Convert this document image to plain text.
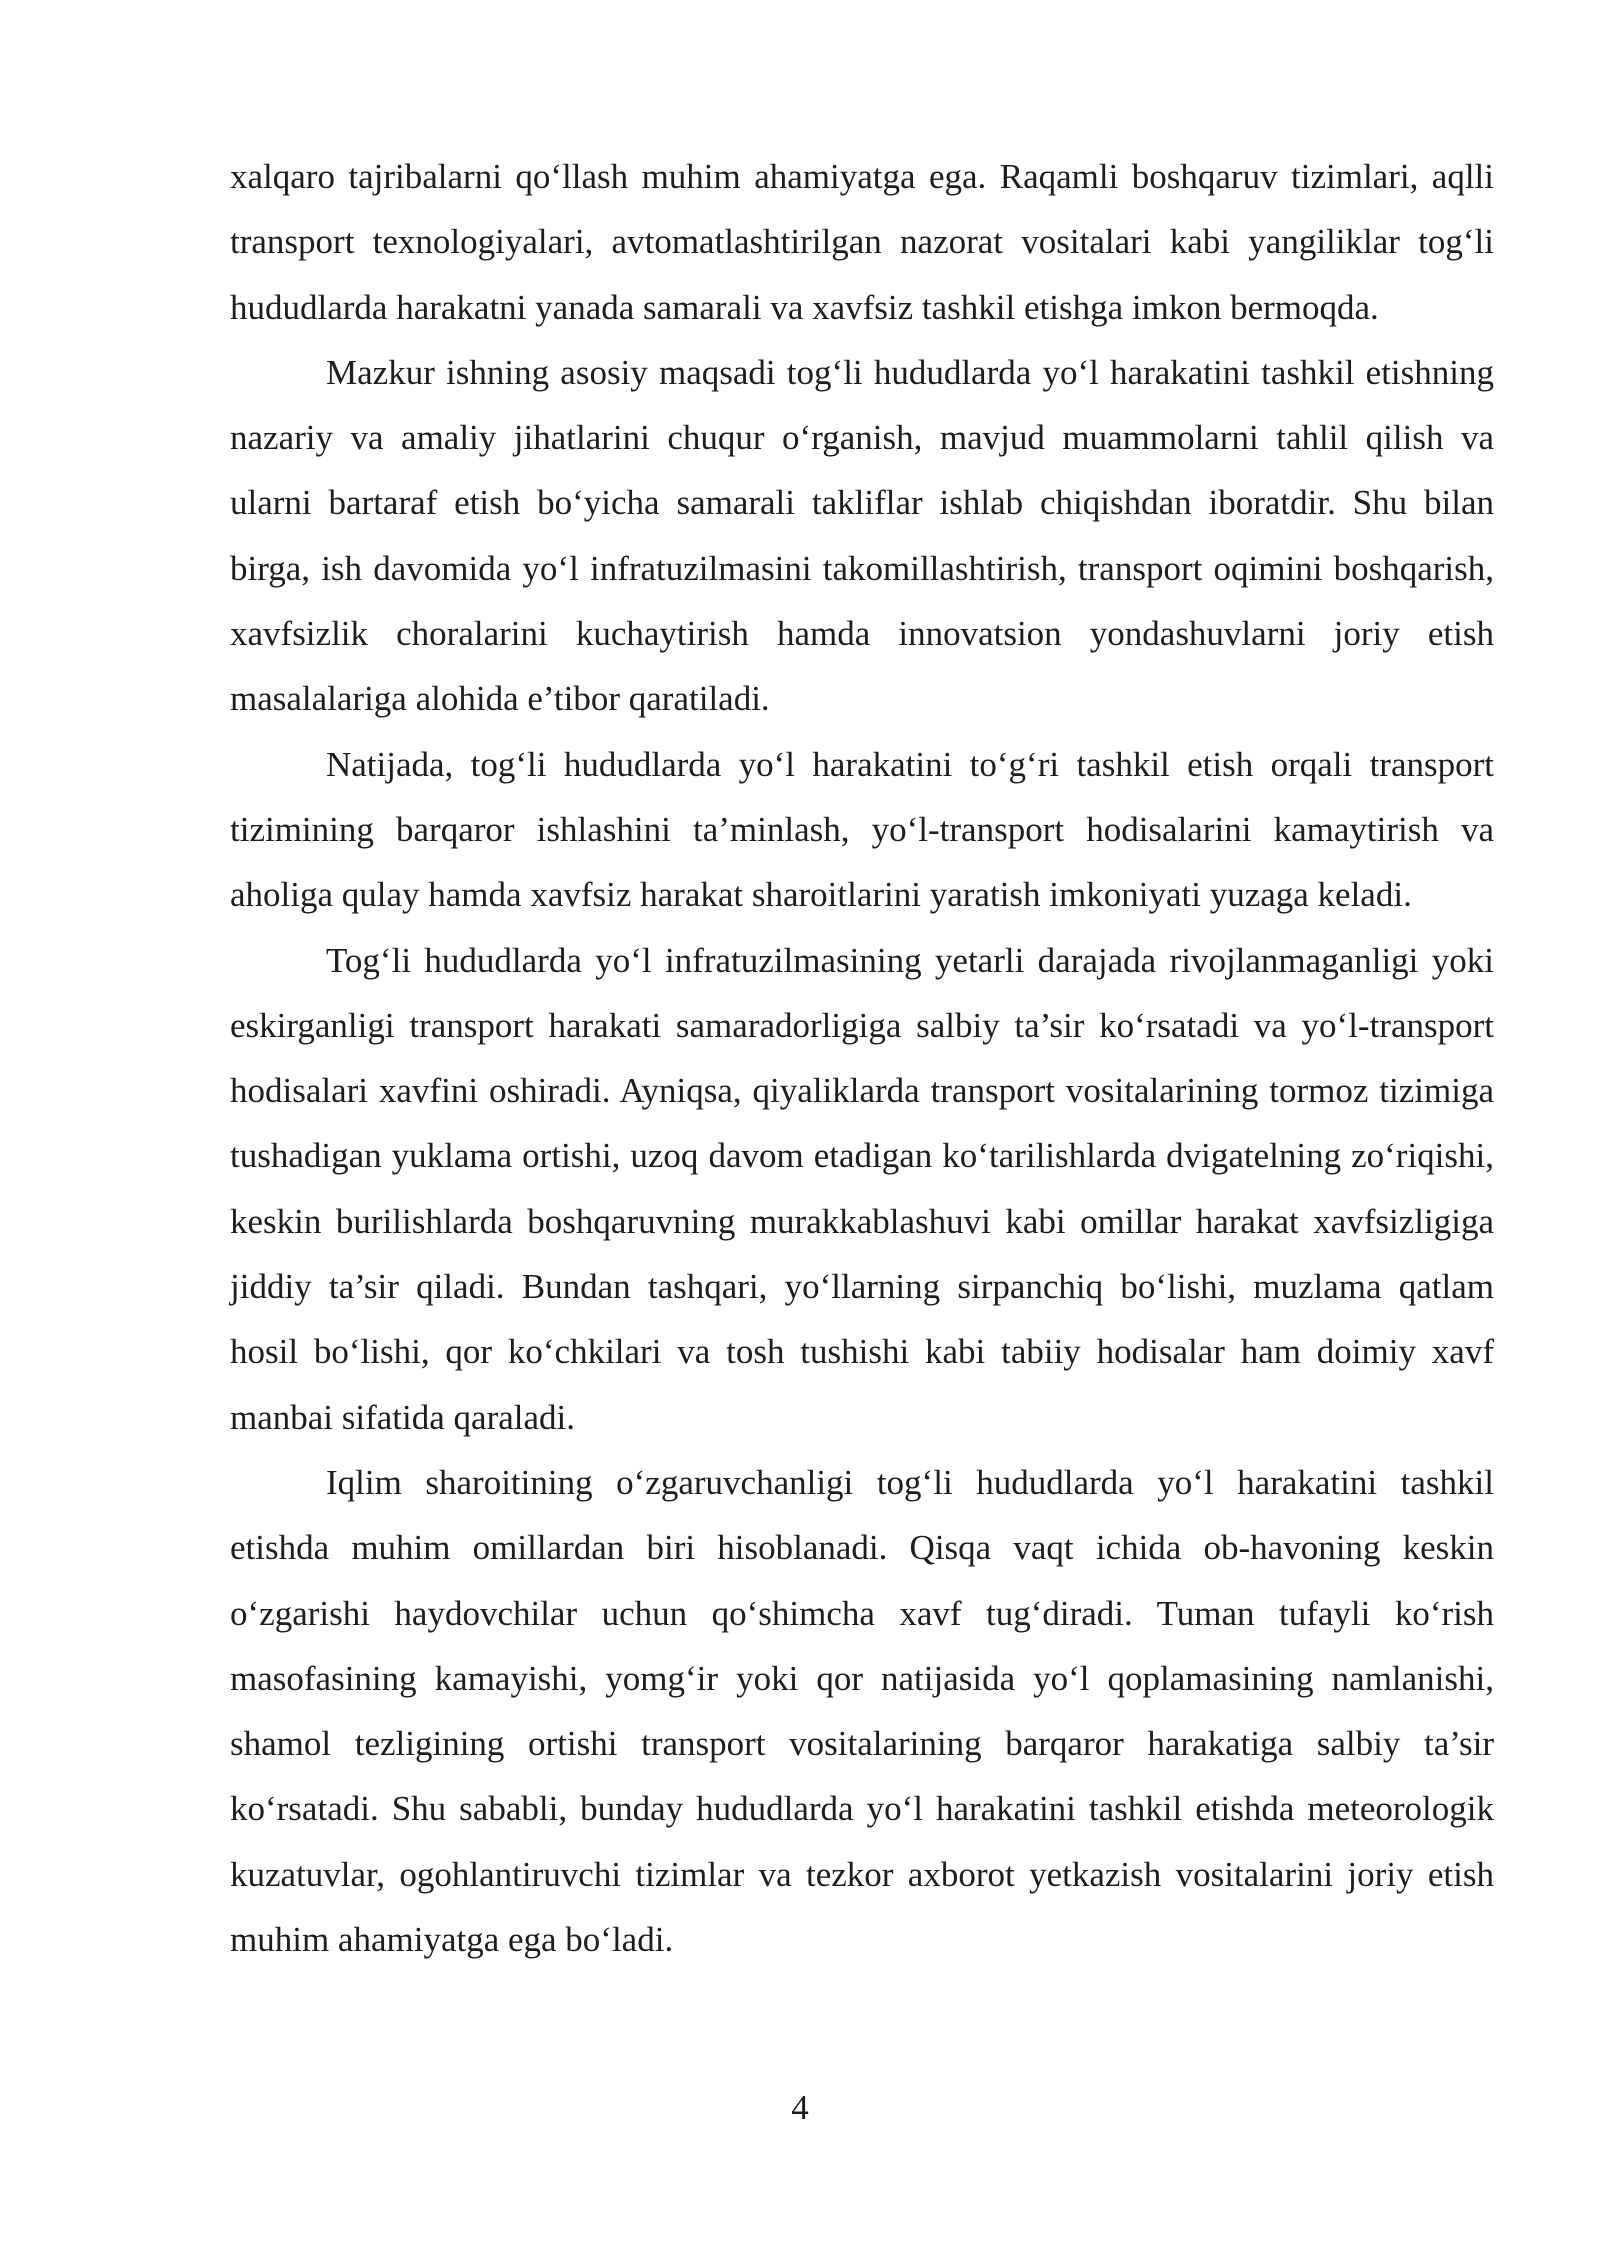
xalqaro tajribalarni qo‘llash muhim ahamiyatga ega. Raqamli boshqaruv tizimlari, aqlli transport texnologiyalari, avtomatlashtirilgan nazorat vositalari kabi yangiliklar tog‘li hududlarda harakatni yanada samarali va xavfsiz tashkil etishga imkon bermoqda.

Mazkur ishning asosiy maqsadi tog‘li hududlarda yo‘l harakatini tashkil etishning nazariy va amaliy jihatlarini chuqur o‘rganish, mavjud muammolarni tahlil qilish va ularni bartaraf etish bo‘yicha samarali takliflar ishlab chiqishdan iboratdir. Shu bilan birga, ish davomida yo‘l infratuzilmasini takomillashtirish, transport oqimini boshqarish, xavfsizlik choralarini kuchaytirish hamda innovatsion yondashuvlarni joriy etish masalalariga alohida e’tibor qaratiladi.

Natijada, tog‘li hududlarda yo‘l harakatini to‘g‘ri tashkil etish orqali transport tizimining barqaror ishlashini ta’minlash, yo‘l-transport hodisalarini kamaytirish va aholiga qulay hamda xavfsiz harakat sharoitlarini yaratish imkoniyati yuzaga keladi.

Tog‘li hududlarda yo‘l infratuzilmasining yetarli darajada rivojlanmaganligi yoki eskirganligi transport harakati samaradorligiga salbiy ta’sir ko‘rsatadi va yo‘l-transport hodisalari xavfini oshiradi. Ayniqsa, qiyaliklarda transport vositalarining tormoz tizimiga tushadigan yuklama ortishi, uzoq davom etadigan ko‘tarilishlarda dvigatelning zo‘riqishi, keskin burilishlarda boshqaruvning murakkablashuvi kabi omillar harakat xavfsizligiga jiddiy ta’sir qiladi. Bundan tashqari, yo‘llarning sirpanchiq bo‘lishi, muzlama qatlam hosil bo‘lishi, qor ko‘chkilari va tosh tushishi kabi tabiiy hodisalar ham doimiy xavf manbai sifatida qaraladi.

Iqlim sharoitining o‘zgaruvchanligi tog‘li hududlarda yo‘l harakatini tashkil etishda muhim omillardan biri hisoblanadi. Qisqa vaqt ichida ob-havoning keskin o‘zgarishi haydovchilar uchun qo‘shimcha xavf tug‘diradi. Tuman tufayli ko‘rish masofasining kamayishi, yomg‘ir yoki qor natijasida yo‘l qoplamasining namlanishi, shamol tezligining ortishi transport vositalarining barqaror harakatiga salbiy ta’sir ko‘rsatadi. Shu sababli, bunday hududlarda yo‘l harakatini tashkil etishda meteorologik kuzatuvlar, ogohlantiruvchi tizimlar va tezkor axborot yetkazish vositalarini joriy etish muhim ahamiyatga ega bo‘ladi.

4
